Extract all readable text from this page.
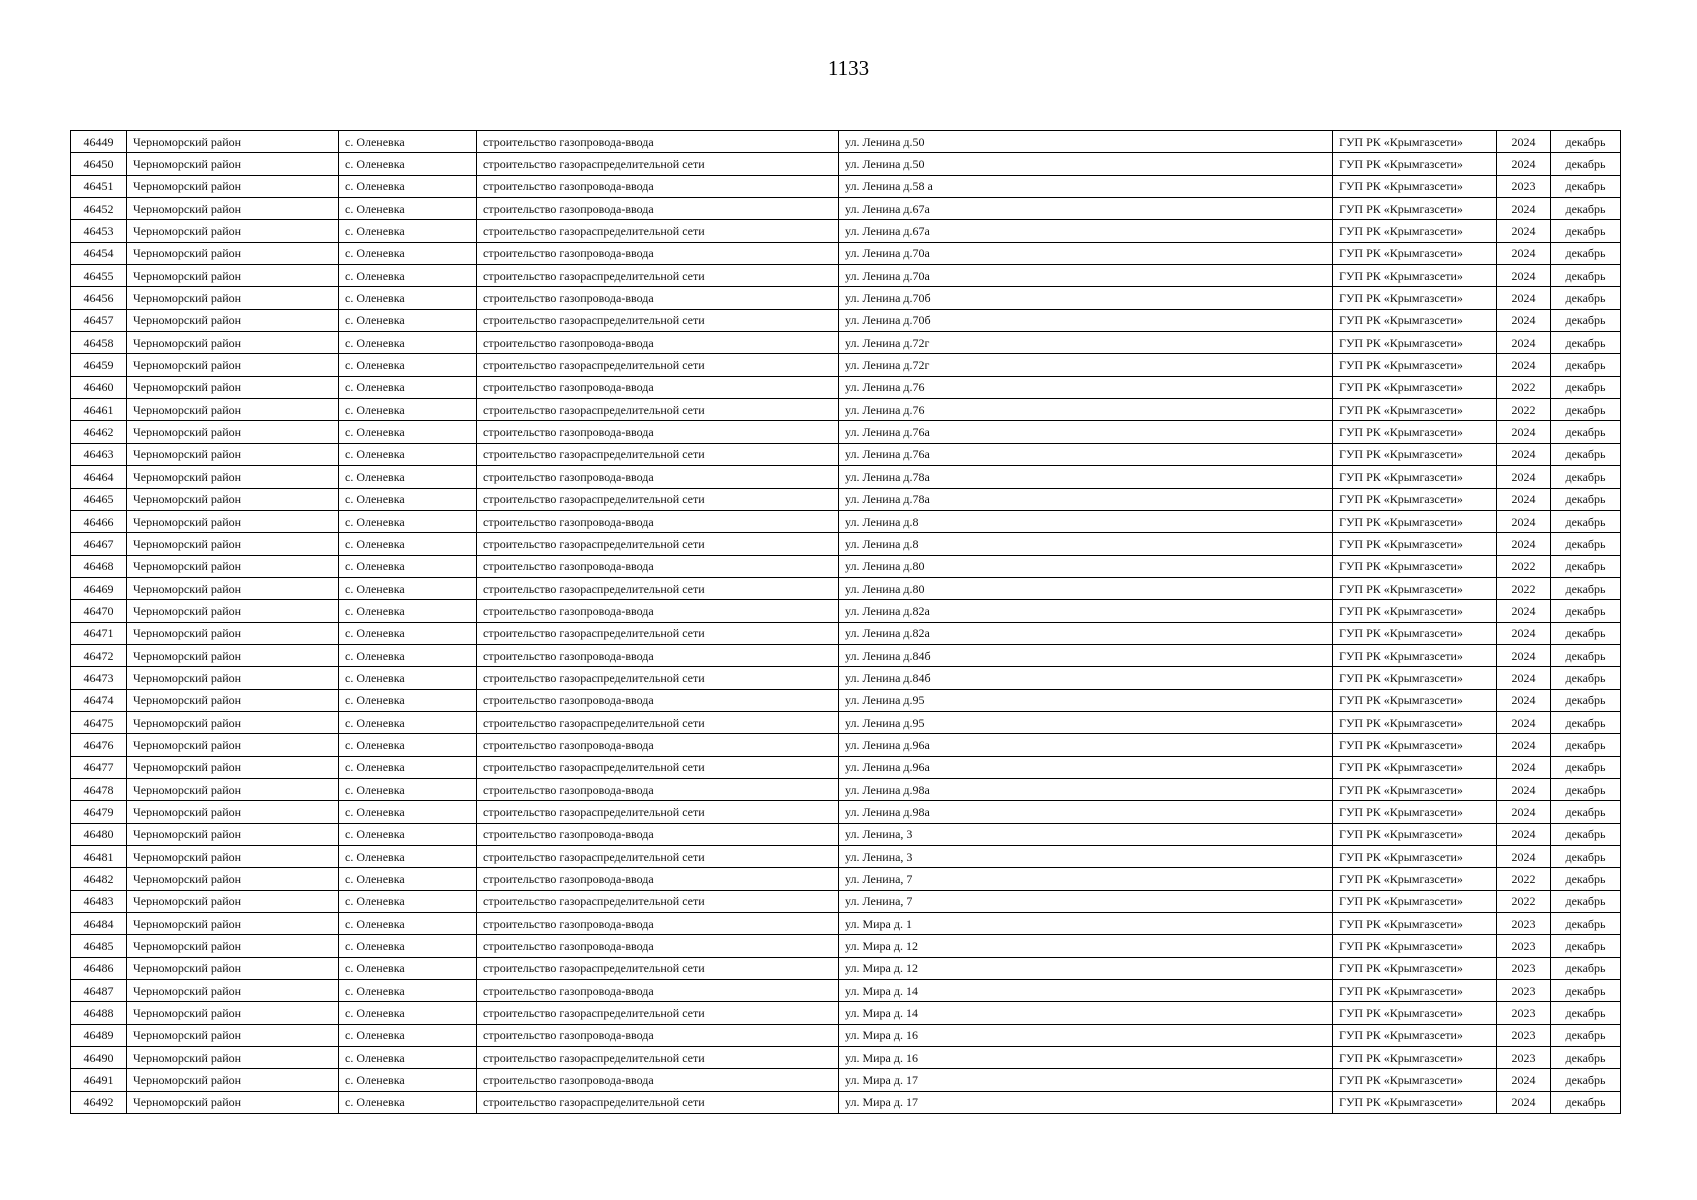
1133
46449	Черноморский район	с. Оленевка	строительство газопровода-ввода	ул. Ленина д.50	ГУП РК «Крымгазсети»	2024	декабрь
46450	Черноморский район	с. Оленевка	строительство газораспределительной сети	ул. Ленина д.50	ГУП РК «Крымгазсети»	2024	декабрь
46451	Черноморский район	с. Оленевка	строительство газопровода-ввода	ул. Ленина д.58 а	ГУП РК «Крымгазсети»	2023	декабрь
46452	Черноморский район	с. Оленевка	строительство газопровода-ввода	ул. Ленина д.67а	ГУП РК «Крымгазсети»	2024	декабрь
46453	Черноморский район	с. Оленевка	строительство газораспределительной сети	ул. Ленина д.67а	ГУП РК «Крымгазсети»	2024	декабрь
46454	Черноморский район	с. Оленевка	строительство газопровода-ввода	ул. Ленина д.70а	ГУП РК «Крымгазсети»	2024	декабрь
46455	Черноморский район	с. Оленевка	строительство газораспределительной сети	ул. Ленина д.70а	ГУП РК «Крымгазсети»	2024	декабрь
46456	Черноморский район	с. Оленевка	строительство газопровода-ввода	ул. Ленина д.70б	ГУП РК «Крымгазсети»	2024	декабрь
46457	Черноморский район	с. Оленевка	строительство газораспределительной сети	ул. Ленина д.70б	ГУП РК «Крымгазсети»	2024	декабрь
46458	Черноморский район	с. Оленевка	строительство газопровода-ввода	ул. Ленина д.72г	ГУП РК «Крымгазсети»	2024	декабрь
46459	Черноморский район	с. Оленевка	строительство газораспределительной сети	ул. Ленина д.72г	ГУП РК «Крымгазсети»	2024	декабрь
46460	Черноморский район	с. Оленевка	строительство газопровода-ввода	ул. Ленина д.76	ГУП РК «Крымгазсети»	2022	декабрь
46461	Черноморский район	с. Оленевка	строительство газораспределительной сети	ул. Ленина д.76	ГУП РК «Крымгазсети»	2022	декабрь
46462	Черноморский район	с. Оленевка	строительство газопровода-ввода	ул. Ленина д.76а	ГУП РК «Крымгазсети»	2024	декабрь
46463	Черноморский район	с. Оленевка	строительство газораспределительной сети	ул. Ленина д.76а	ГУП РК «Крымгазсети»	2024	декабрь
46464	Черноморский район	с. Оленевка	строительство газопровода-ввода	ул. Ленина д.78а	ГУП РК «Крымгазсети»	2024	декабрь
46465	Черноморский район	с. Оленевка	строительство газораспределительной сети	ул. Ленина д.78а	ГУП РК «Крымгазсети»	2024	декабрь
46466	Черноморский район	с. Оленевка	строительство газопровода-ввода	ул. Ленина д.8	ГУП РК «Крымгазсети»	2024	декабрь
46467	Черноморский район	с. Оленевка	строительство газораспределительной сети	ул. Ленина д.8	ГУП РК «Крымгазсети»	2024	декабрь
46468	Черноморский район	с. Оленевка	строительство газопровода-ввода	ул. Ленина д.80	ГУП РК «Крымгазсети»	2022	декабрь
46469	Черноморский район	с. Оленевка	строительство газораспределительной сети	ул. Ленина д.80	ГУП РК «Крымгазсети»	2022	декабрь
46470	Черноморский район	с. Оленевка	строительство газопровода-ввода	ул. Ленина д.82а	ГУП РК «Крымгазсети»	2024	декабрь
46471	Черноморский район	с. Оленевка	строительство газораспределительной сети	ул. Ленина д.82а	ГУП РК «Крымгазсети»	2024	декабрь
46472	Черноморский район	с. Оленевка	строительство газопровода-ввода	ул. Ленина д.84б	ГУП РК «Крымгазсети»	2024	декабрь
46473	Черноморский район	с. Оленевка	строительство газораспределительной сети	ул. Ленина д.84б	ГУП РК «Крымгазсети»	2024	декабрь
46474	Черноморский район	с. Оленевка	строительство газопровода-ввода	ул. Ленина д.95	ГУП РК «Крымгазсети»	2024	декабрь
46475	Черноморский район	с. Оленевка	строительство газораспределительной сети	ул. Ленина д.95	ГУП РК «Крымгазсети»	2024	декабрь
46476	Черноморский район	с. Оленевка	строительство газопровода-ввода	ул. Ленина д.96а	ГУП РК «Крымгазсети»	2024	декабрь
46477	Черноморский район	с. Оленевка	строительство газораспределительной сети	ул. Ленина д.96а	ГУП РК «Крымгазсети»	2024	декабрь
46478	Черноморский район	с. Оленевка	строительство газопровода-ввода	ул. Ленина д.98а	ГУП РК «Крымгазсети»	2024	декабрь
46479	Черноморский район	с. Оленевка	строительство газораспределительной сети	ул. Ленина д.98а	ГУП РК «Крымгазсети»	2024	декабрь
46480	Черноморский район	с. Оленевка	строительство газопровода-ввода	ул. Ленина, 3	ГУП РК «Крымгазсети»	2024	декабрь
46481	Черноморский район	с. Оленевка	строительство газораспределительной сети	ул. Ленина, 3	ГУП РК «Крымгазсети»	2024	декабрь
46482	Черноморский район	с. Оленевка	строительство газопровода-ввода	ул. Ленина, 7	ГУП РК «Крымгазсети»	2022	декабрь
46483	Черноморский район	с. Оленевка	строительство газораспределительной сети	ул. Ленина, 7	ГУП РК «Крымгазсети»	2022	декабрь
46484	Черноморский район	с. Оленевка	строительство газопровода-ввода	ул. Мира д. 1	ГУП РК «Крымгазсети»	2023	декабрь
46485	Черноморский район	с. Оленевка	строительство газопровода-ввода	ул. Мира д. 12	ГУП РК «Крымгазсети»	2023	декабрь
46486	Черноморский район	с. Оленевка	строительство газораспределительной сети	ул. Мира д. 12	ГУП РК «Крымгазсети»	2023	декабрь
46487	Черноморский район	с. Оленевка	строительство газопровода-ввода	ул. Мира д. 14	ГУП РК «Крымгазсети»	2023	декабрь
46488	Черноморский район	с. Оленевка	строительство газораспределительной сети	ул. Мира д. 14	ГУП РК «Крымгазсети»	2023	декабрь
46489	Черноморский район	с. Оленевка	строительство газопровода-ввода	ул. Мира д. 16	ГУП РК «Крымгазсети»	2023	декабрь
46490	Черноморский район	с. Оленевка	строительство газораспределительной сети	ул. Мира д. 16	ГУП РК «Крымгазсети»	2023	декабрь
46491	Черноморский район	с. Оленевка	строительство газопровода-ввода	ул. Мира д. 17	ГУП РК «Крымгазсети»	2024	декабрь
46492	Черноморский район	с. Оленевка	строительство газораспределительной сети	ул. Мира д. 17	ГУП РК «Крымгазсети»	2024	декабрь
